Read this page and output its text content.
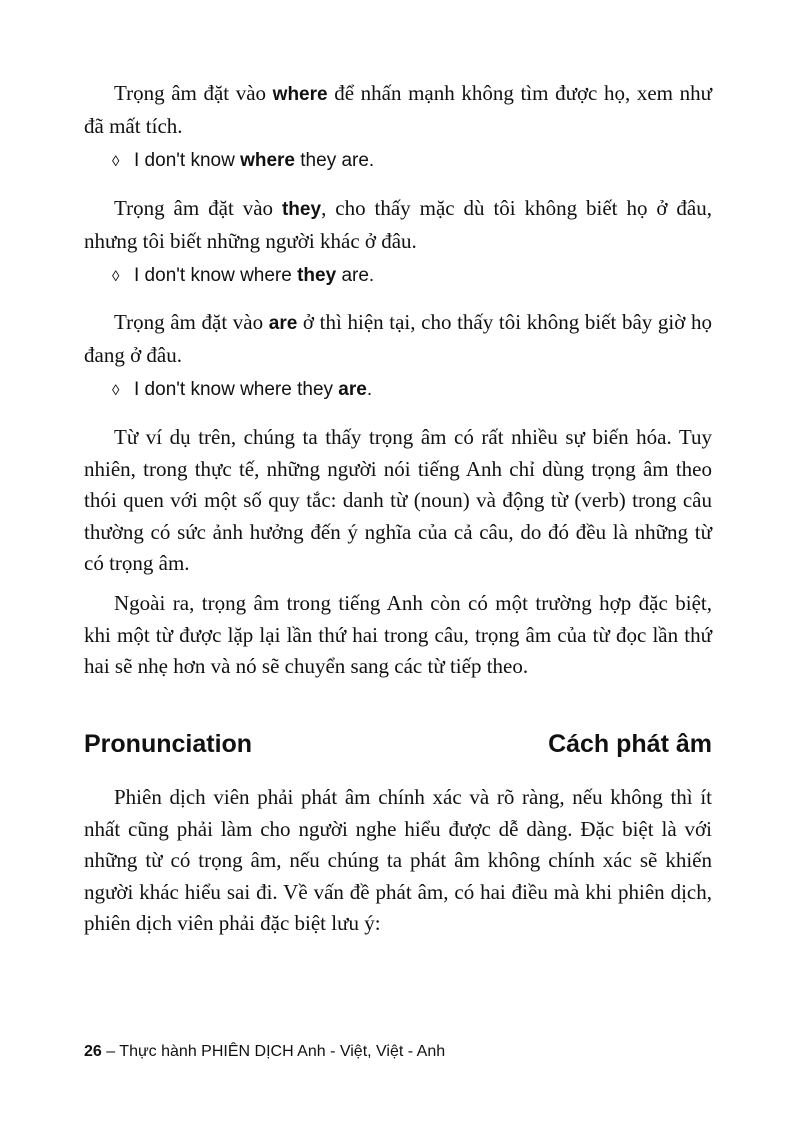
Trọng âm đặt vào where để nhấn mạnh không tìm được họ, xem như đã mất tích.

◊ I don't know where they are.

Trọng âm đặt vào they, cho thấy mặc dù tôi không biết họ ở đâu, nhưng tôi biết những người khác ở đâu.

◊ I don't know where they are.

Trọng âm đặt vào are ở thì hiện tại, cho thấy tôi không biết bây giờ họ đang ở đâu.

◊ I don't know where they are.

Từ ví dụ trên, chúng ta thấy trọng âm có rất nhiều sự biến hóa. Tuy nhiên, trong thực tế, những người nói tiếng Anh chỉ dùng trọng âm theo thói quen với một số quy tắc: danh từ (noun) và động từ (verb) trong câu thường có sức ảnh hưởng đến ý nghĩa của cả câu, do đó đều là những từ có trọng âm.

Ngoài ra, trọng âm trong tiếng Anh còn có một trường hợp đặc biệt, khi một từ được lặp lại lần thứ hai trong câu, trọng âm của từ đọc lần thứ hai sẽ nhẹ hơn và nó sẽ chuyển sang các từ tiếp theo.

Pronunciation	Cách phát âm

Phiên dịch viên phải phát âm chính xác và rõ ràng, nếu không thì ít nhất cũng phải làm cho người nghe hiểu được dễ dàng. Đặc biệt là với những từ có trọng âm, nếu chúng ta phát âm không chính xác sẽ khiến người khác hiểu sai đi. Về vấn đề phát âm, có hai điều mà khi phiên dịch, phiên dịch viên phải đặc biệt lưu ý:

26 – Thực hành PHIÊN DỊCH Anh - Việt, Việt - Anh
